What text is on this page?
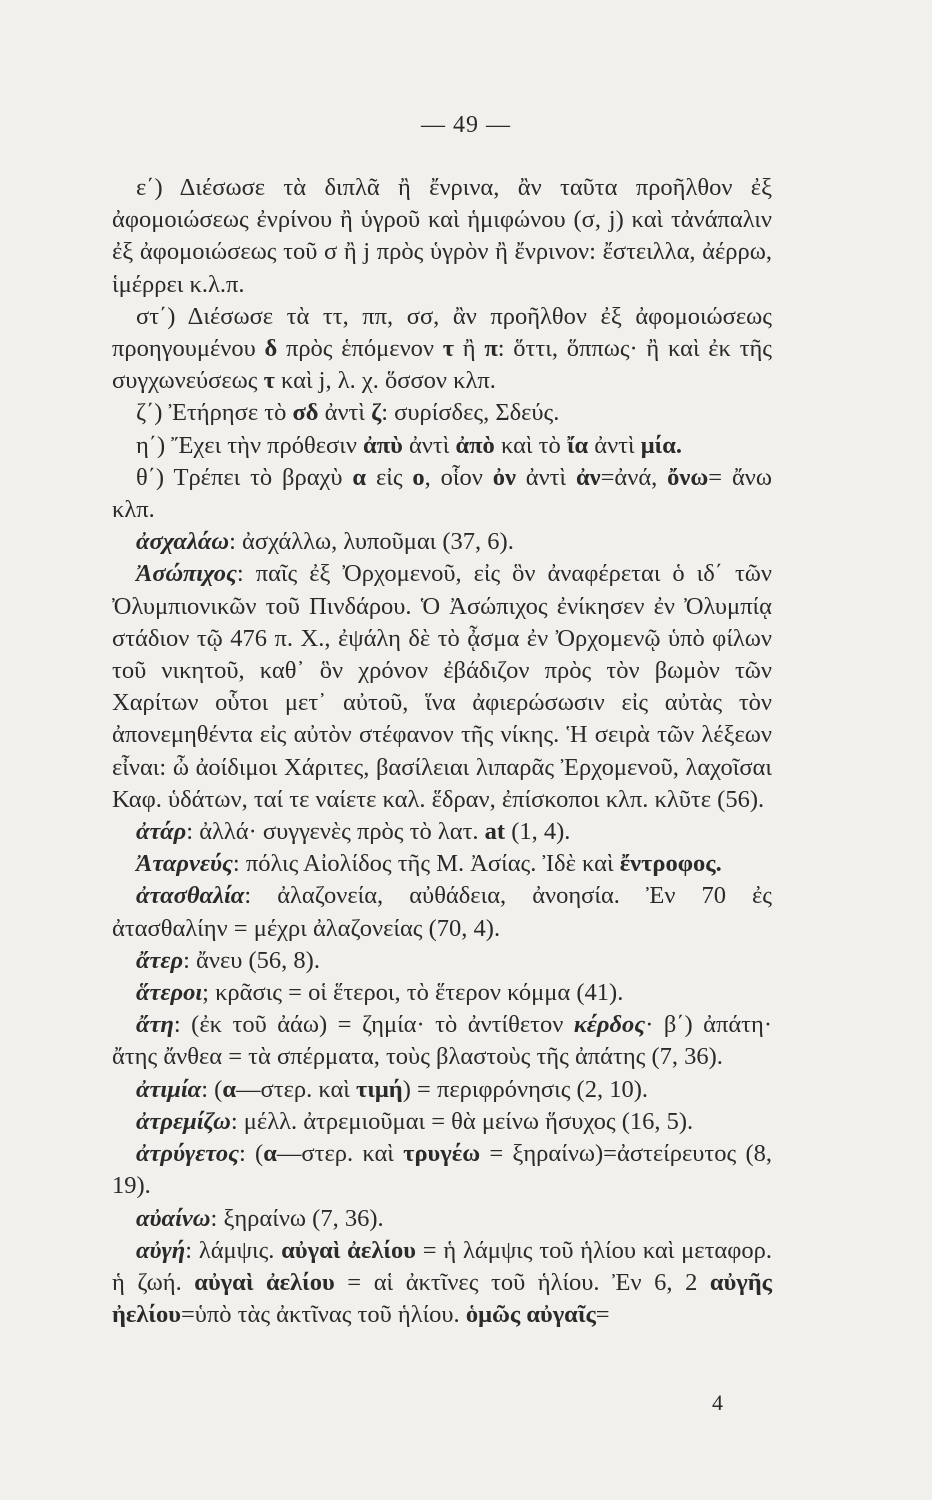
— 49 —

ε΄) Διέσωσε τὰ διπλᾶ ἢ ἔνρινα, ἂν ταῦτα προῆλθον ἐξ ἀφομοιώσεως ἐνρίνου ἢ ὑγροῦ καὶ ἡμιφώνου (σ, j) καὶ τἀνάπαλιν ἐξ ἀφομοιώσεως τοῦ σ ἢ j πρὸς ὑγρὸν ἢ ἔνρινον: ἔστειλλα, ἀέρρω, ἱμέρρει κ.λ.π.

στ΄) Διέσωσε τὰ ττ, ππ, σσ, ἂν προῆλθον ἐξ ἀφομοιώσεως προηγουμένου δ πρὸς ἑπόμενον τ ἢ π: ὅττι, ὅππως· ἢ καὶ ἐκ τῆς συγχωνεύσεως τ καὶ j, λ. χ. ὅσσον κλπ.

ζ΄) Ἐτήρησε τὸ σδ ἀντὶ ζ: συρίσδες, Σδεύς.

η΄) Ἔχει τὴν πρόθεσιν ἀπὺ ἀντὶ ἀπὸ καὶ τὸ ἴα ἀντὶ μία.

θ΄) Τρέπει τὸ βραχὺ α εἰς ο, οἷον ὀν ἀντὶ ἀν=ἀνά, ὄνω= ἄνω κλπ.

ἀσχαλάω: ἀσχάλλω, λυποῦμαι (37, 6).

Ἀσώπιχος: παῖς ἐξ Ὀρχομενοῦ, εἰς ὃν ἀναφέρεται ὁ ιδ΄ τῶν Ὀλυμπιονικῶν τοῦ Πινδάρου. Ὁ Ἀσώπιχος ἐνίκησεν ἐν Ὀλυμπίᾳ στάδιον τῷ 476 π. Χ., ἐψάλη δὲ τὸ ᾆσμα ἐν Ὀρχομενῷ ὑπὸ φίλων τοῦ νικητοῦ, καθ᾽ ὃν χρόνον ἐβάδιζον πρὸς τὸν βωμὸν τῶν Χαρίτων οὗτοι μετ᾽ αὐτοῦ, ἵνα ἀφιερώσωσιν εἰς αὐτὰς τὸν ἀπονεμηθέντα εἰς αὐτὸν στέφανον τῆς νίκης. Ἡ σειρὰ τῶν λέξεων εἶναι: ὦ ἀοίδιμοι Χάριτες, βασίλειαι λιπαρᾶς Ἐρχομενοῦ, λαχοῖσαι Καφ. ὑδάτων, ταί τε ναίετε καλ. ἕδραν, ἐπίσκοποι κλπ. κλῦτε (56).

ἀτάρ: ἀλλά· συγγενὲς πρὸς τὸ λατ. at (1, 4).

Ἀταρνεύς: πόλις Αἰολίδος τῆς Μ. Ἀσίας. Ἰδὲ καὶ ἔντροφος.

ἀτασθαλία: ἀλαζονεία, αὐθάδεια, ἀνοησία. Ἐν 70 ἐς ἀτασθαλίην = μέχρι ἀλαζονείας (70, 4).

ἄτερ: ἄνευ (56, 8).

ἅτεροι; κρᾶσις = οἱ ἕτεροι, τὸ ἕτερον κόμμα (41).

ἄτη: (ἐκ τοῦ ἀάω) = ζημία· τὸ ἀντίθετον κέρδος· β΄) ἀπάτη· ἄτης ἄνθεα = τὰ σπέρματα, τοὺς βλαστοὺς τῆς ἀπάτης (7, 36).

ἀτιμία: (α—στερ. καὶ τιμή) = περιφρόνησις (2, 10).

ἀτρεμίζω: μέλλ. ἀτρεμιοῦμαι = θὰ μείνω ἥσυχος (16, 5).

ἀτρύγετος: (α—στερ. καὶ τρυγέω = ξηραίνω)=ἀστείρευτος (8, 19).

αὐαίνω: ξηραίνω (7, 36).

αὐγή: λάμψις. αὐγαὶ ἀελίου = ἡ λάμψις τοῦ ἡλίου καὶ μεταφορ. ἡ ζωή. αὐγαὶ ἀελίου = αἱ ἀκτῖνες τοῦ ἡλίου. Ἐν 6, 2 αὐγῆς ἠελίου=ὑπὸ τὰς ἀκτῖνας τοῦ ἡλίου. ὁμῶς αὐγαῖς=

4
